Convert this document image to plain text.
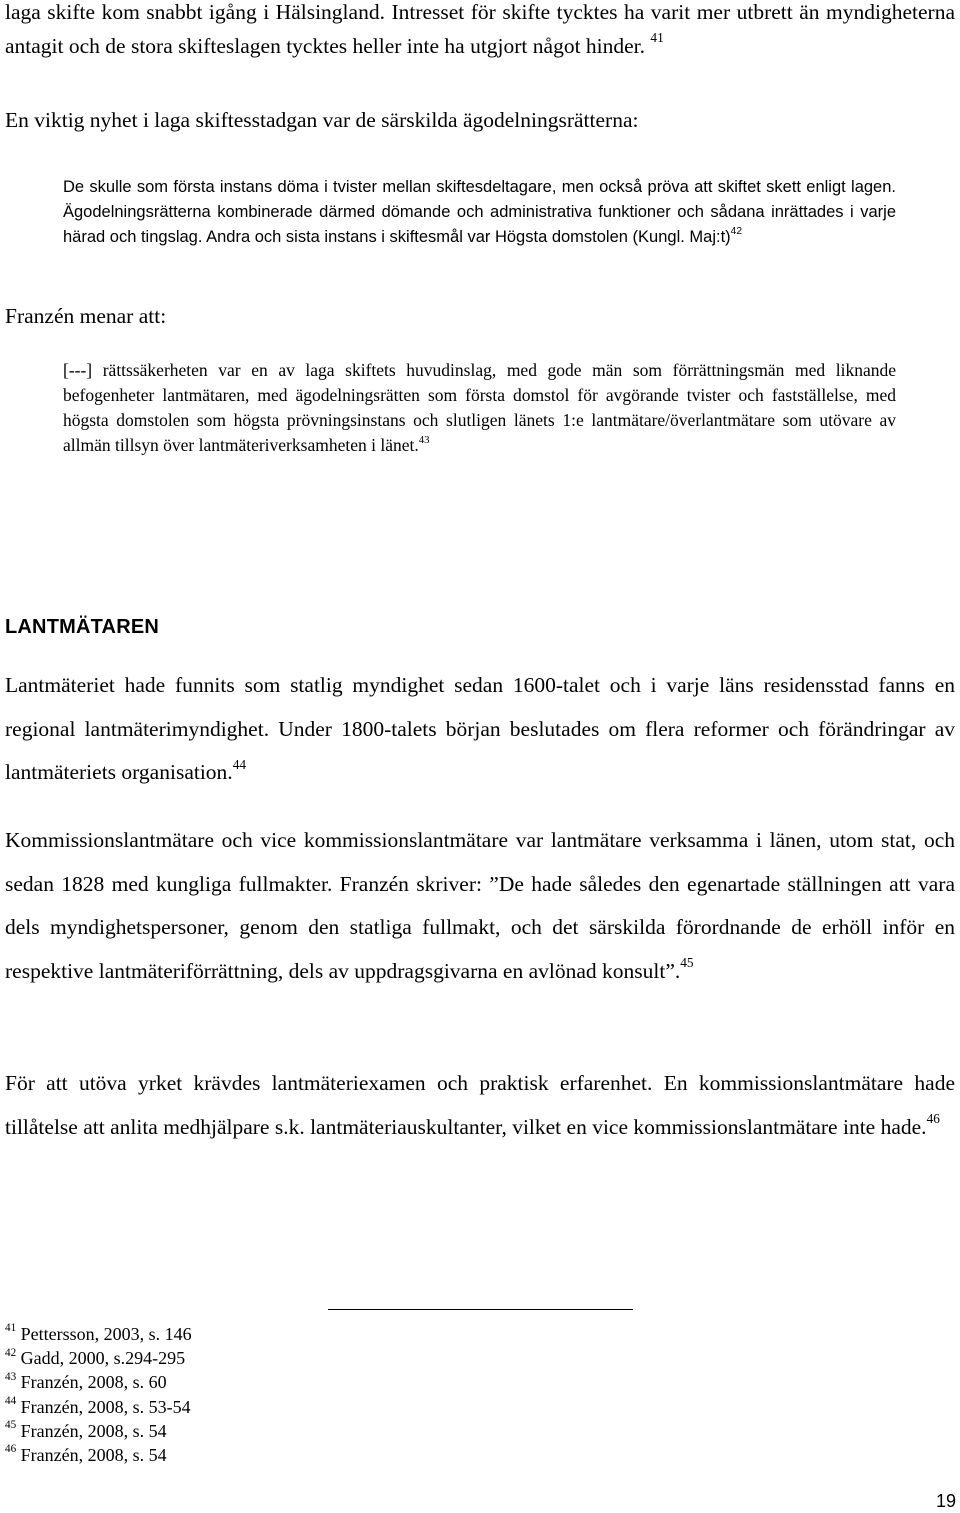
laga skifte kom snabbt igång i Hälsingland. Intresset för skifte tycktes ha varit mer utbrett än myndigheterna antagit och de stora skifteslagen tycktes heller inte ha utgjort något hinder. $^{41}$

En viktig nyhet i laga skiftesstadgan var de särskilda ägodelningsrätterna:

De skulle som första instans döma i tvister mellan skiftesdeltagare, men också pröva att skiftet skett enligt lagen. Ägodelningsrätterna kombinerade därmed dömande och administrativa funktioner och sådana inrättades i varje härad och tingslag. Andra och sista instans i skiftesmål var Högsta domstolen (Kungl. Maj:t)$^{42}$

Franzén menar att:

[---] rättssäkerheten var en av laga skiftets huvudinslag, med gode män som förrättningsmän med liknande befogenheter lantmätaren, med ägodelningsrätten som första domstol för avgörande tvister och fastställelse, med högsta domstolen som högsta prövningsinstans och slutligen länets 1:e lantmätare/överlantmätare som utövare av allmän tillsyn över lantmäteriverksamheten i länet.$^{43}$

LANTMÄTAREN

Lantmäteriet hade funnits som statlig myndighet sedan 1600-talet och i varje läns residensstad fanns en regional lantmäterimyndighet. Under 1800-talets början beslutades om flera reformer och förändringar av lantmäteriets organisation.$^{44}$

Kommissionslantmätare och vice kommissionslantmätare var lantmätare verksamma i länen, utom stat, och sedan 1828 med kungliga fullmakter. Franzén skriver: ”De hade således den egenartade ställningen att vara dels myndighetspersoner, genom den statliga fullmakt, och det särskilda förordnande de erhöll inför en respektive lantmäteriförrättning, dels av uppdragsgivarna en avlönad konsult”.$^{45}$

För att utöva yrket krävdes lantmäteriexamen och praktisk erfarenhet. En kommissionslantmätare hade tillåtelse att anlita medhjälpare s.k. lantmäteriauskultanter, vilket en vice kommissionslantmätare inte hade.$^{46}$

$^{41}$ Pettersson, 2003, s. 146
$^{42}$ Gadd, 2000, s.294-295
$^{43}$ Franzén, 2008, s. 60
$^{44}$ Franzén, 2008, s. 53-54
$^{45}$ Franzén, 2008, s. 54
$^{46}$ Franzén, 2008, s. 54
19
